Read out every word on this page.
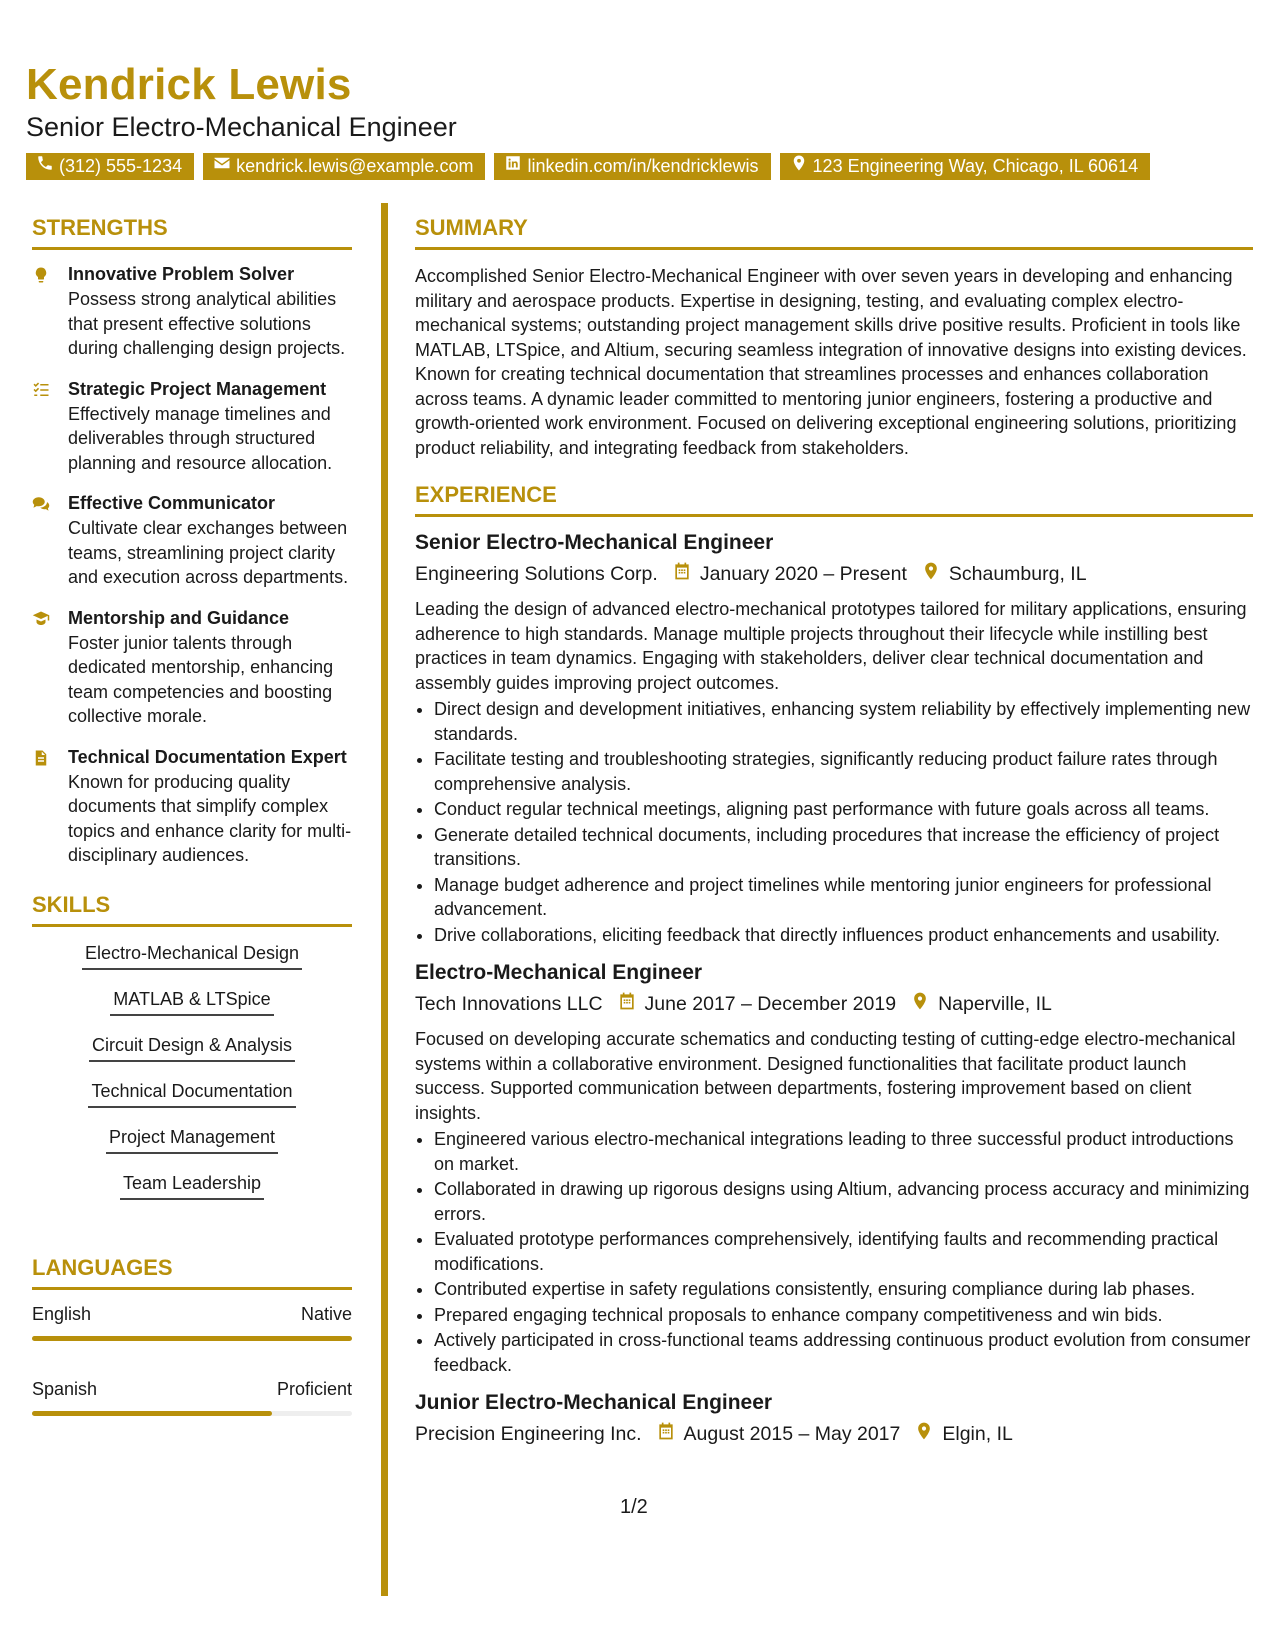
Kendrick Lewis
Senior Electro-Mechanical Engineer
(312) 555-1234	kendrick.lewis@example.com	linkedin.com/in/kendricklewis	123 Engineering Way, Chicago, IL 60614
STRENGTHS
Innovative Problem Solver
Possess strong analytical abilities that present effective solutions during challenging design projects.
Strategic Project Management
Effectively manage timelines and deliverables through structured planning and resource allocation.
Effective Communicator
Cultivate clear exchanges between teams, streamlining project clarity and execution across departments.
Mentorship and Guidance
Foster junior talents through dedicated mentorship, enhancing team competencies and boosting collective morale.
Technical Documentation Expert
Known for producing quality documents that simplify complex topics and enhance clarity for multi-disciplinary audiences.
SKILLS
Electro-Mechanical Design
MATLAB & LTSpice
Circuit Design & Analysis
Technical Documentation
Project Management
Team Leadership
LANGUAGES
English	Native
Spanish	Proficient
SUMMARY
Accomplished Senior Electro-Mechanical Engineer with over seven years in developing and enhancing military and aerospace products. Expertise in designing, testing, and evaluating complex electro-mechanical systems; outstanding project management skills drive positive results. Proficient in tools like MATLAB, LTSpice, and Altium, securing seamless integration of innovative designs into existing devices. Known for creating technical documentation that streamlines processes and enhances collaboration across teams. A dynamic leader committed to mentoring junior engineers, fostering a productive and growth-oriented work environment. Focused on delivering exceptional engineering solutions, prioritizing product reliability, and integrating feedback from stakeholders.
EXPERIENCE
Senior Electro-Mechanical Engineer
Engineering Solutions Corp. January 2020 – Present Schaumburg, IL
Leading the design of advanced electro-mechanical prototypes tailored for military applications, ensuring adherence to high standards. Manage multiple projects throughout their lifecycle while instilling best practices in team dynamics. Engaging with stakeholders, deliver clear technical documentation and assembly guides improving project outcomes.
• Direct design and development initiatives, enhancing system reliability by effectively implementing new standards.
• Facilitate testing and troubleshooting strategies, significantly reducing product failure rates through comprehensive analysis.
• Conduct regular technical meetings, aligning past performance with future goals across all teams.
• Generate detailed technical documents, including procedures that increase the efficiency of project transitions.
• Manage budget adherence and project timelines while mentoring junior engineers for professional advancement.
• Drive collaborations, eliciting feedback that directly influences product enhancements and usability.
Electro-Mechanical Engineer
Tech Innovations LLC June 2017 – December 2019 Naperville, IL
Focused on developing accurate schematics and conducting testing of cutting-edge electro-mechanical systems within a collaborative environment. Designed functionalities that facilitate product launch success. Supported communication between departments, fostering improvement based on client insights.
• Engineered various electro-mechanical integrations leading to three successful product introductions on market.
• Collaborated in drawing up rigorous designs using Altium, advancing process accuracy and minimizing errors.
• Evaluated prototype performances comprehensively, identifying faults and recommending practical modifications.
• Contributed expertise in safety regulations consistently, ensuring compliance during lab phases.
• Prepared engaging technical proposals to enhance company competitiveness and win bids.
• Actively participated in cross-functional teams addressing continuous product evolution from consumer feedback.
Junior Electro-Mechanical Engineer
Precision Engineering Inc. August 2015 – May 2017 Elgin, IL
1/2
